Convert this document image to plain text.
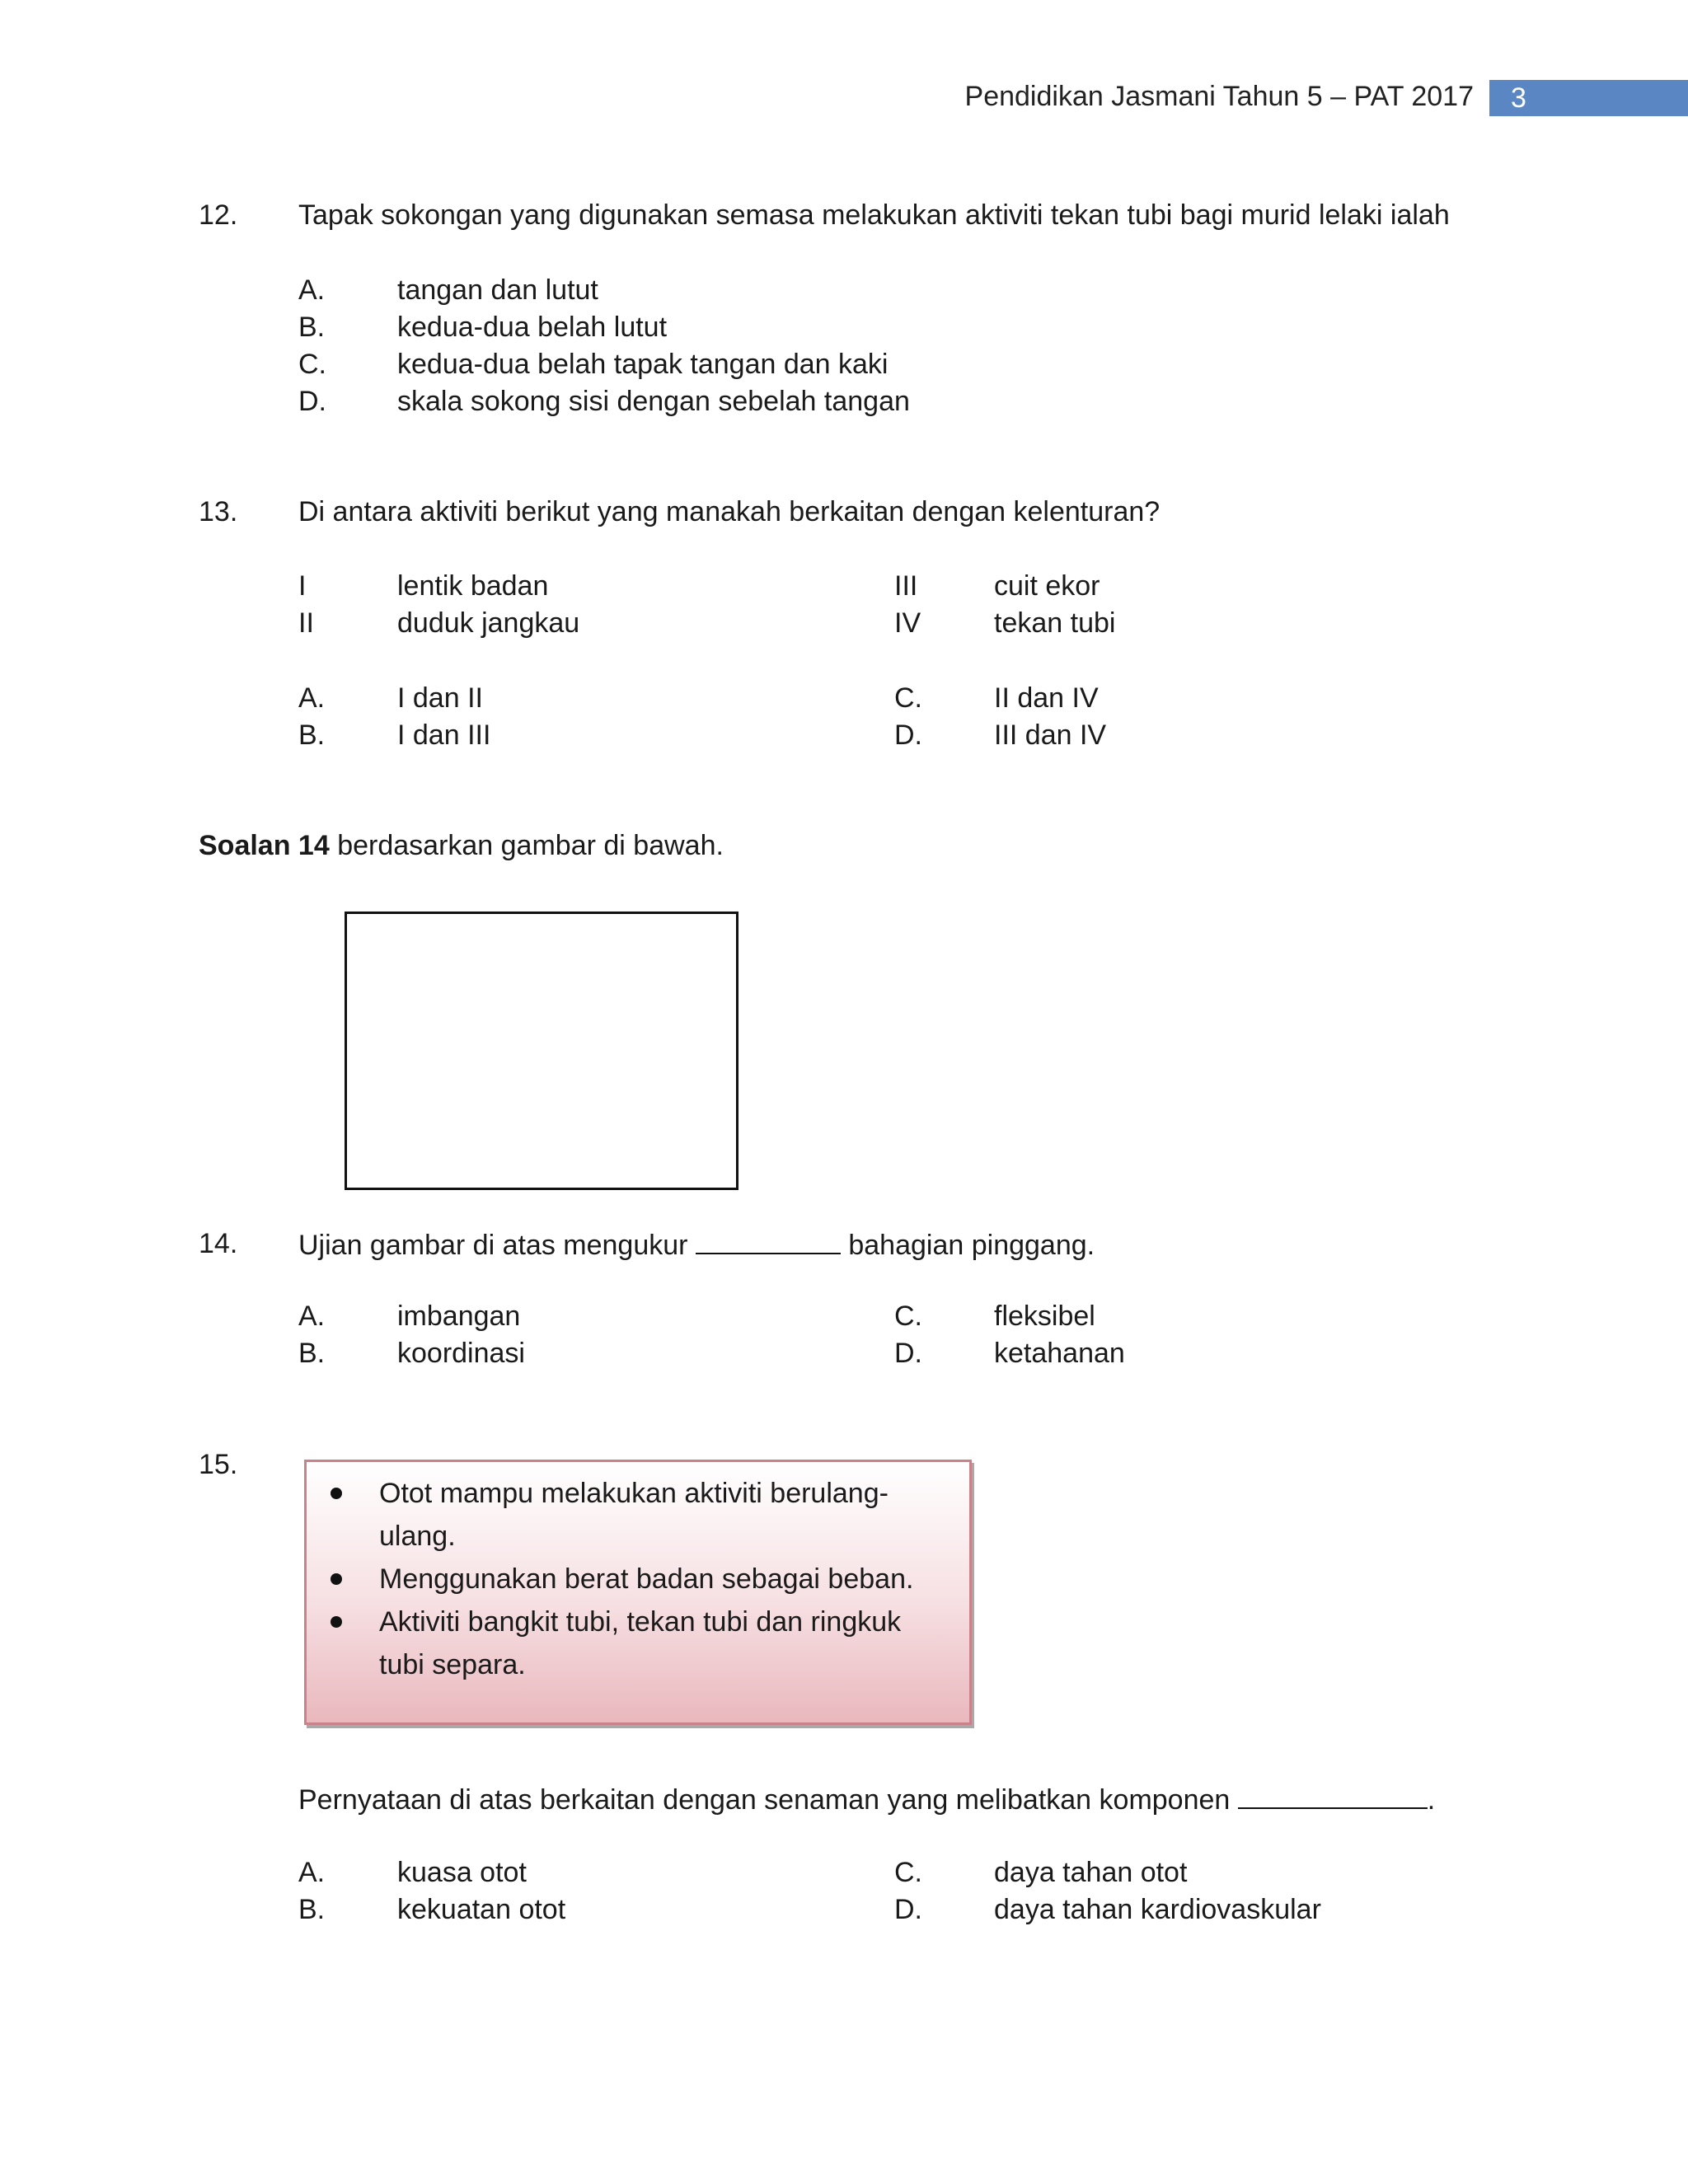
Pendidikan Jasmani Tahun 5 – PAT 2017	3
12. Tapak sokongan yang digunakan semasa melakukan aktiviti tekan tubi bagi murid lelaki ialah
A.	tangan dan lutut
B.	kedua-dua belah lutut
C.	kedua-dua belah tapak tangan dan kaki
D.	skala sokong sisi dengan sebelah tangan
13. Di antara aktiviti berikut yang manakah berkaitan dengan kelenturan?
I	lentik badan
II	duduk jangkau
III	cuit ekor
IV	tekan tubi
A.	I dan II
B.	I dan III
C.	II dan IV
D.	III dan IV
Soalan 14 berdasarkan gambar di bawah.
14. Ujian gambar di atas mengukur	bahagian pinggang.
A.	imbangan
B.	koordinasi
C.	fleksibel
D.	ketahanan
15.
Otot mampu melakukan aktiviti berulang-ulang.
Menggunakan berat badan sebagai beban.
Aktiviti bangkit tubi, tekan tubi dan ringkuk tubi separa.
Pernyataan di atas berkaitan dengan senaman yang melibatkan komponen	.
A.	kuasa otot
B.	kekuatan otot
C.	daya tahan otot
D.	daya tahan kardiovaskular
